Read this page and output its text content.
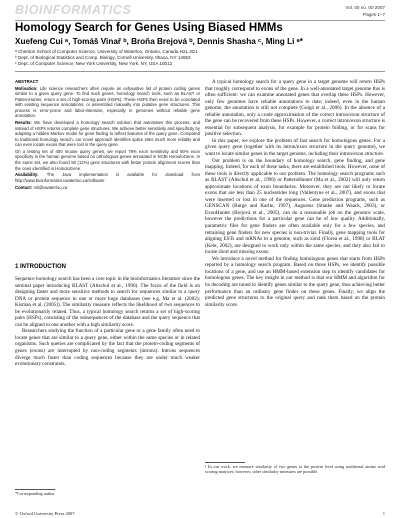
BIOINFORMATICS	Vol. 00 no. 00 2007
Pages 1–7
Homology Search for Genes Using Biased HMMs
Xuefeng Cui ᵃ, Tomáš Vinař ᵇ, Broňa Brejová ᵇ, Dennis Shasha ᶜ, Ming Li ᵃ*
ᵃ Cheriton School of Computer Science, University of Waterloo, Ontario, Canada N2L 3G1
ᵇ Dept. of Biological Statistics and Comp. Biology, Cornell University, Ithaca, NY 14853
ᶜ Dept. of Computer Science, New York University, New York, NY, USA 10012
ABSTRACT

Motivation: Life science researchers often require an exhaustive list of protein coding genes similar to a given query gene. To find such genes, homology search tools, such as BLAST or PatternHunter, return a set of high-scoring pairs (HSPs). These HSPs then need to be correlated with existing sequence annotations, or assembled manually into putative gene structures. This process is error-prone and labor-intensive, especially in genomes without reliable gene annotation.

Results: We have developed a homology search solution that automates this process, and instead of HSPs returns complete gene structures. We achieve better sensitivity and specificity by adapting a hidden Markov model for gene finding to reflect features of the query gene. Compared to traditional homology search, our novel approach identifies splice sites much more reliably and can even locate exons that were lost in the query gene.

On a testing set of 400 mouse query genes, we report 79% exon sensitivity and 80% exon specificity in the human genome based on orthologous genes annotated in NCBI HomoloGene. In the same set, we also found 50 (12%) gene structures with better protein alignment scores than the ones identified in HomoloGene.

Availability: The Java implementation is available for download from http://www.bioinformatics.uwaterloo.ca/software

Contact: mli@uwaterloo.ca

1 INTRODUCTION

Sequence homology search has been a core topic in the bioinformatics literature since the seminal paper introducing BLAST (Altschul et al., 1990). The focus of the field is on designing faster and more sensitive methods to search for sequences similar to a query DNA or protein sequence in one or more huge databases (see e.g. Ma et al. (2002); Kisman et al. (2005)). The similarity measure reflects the likelihood of two sequences to be evolutionarily related. Thus, a typical homology search returns a set of high-scoring pairs (HSPs), consisting of the subsequences of the database and the query sequence that can be aligned to one another with a high similarity score.

Researchers studying the function of a particular gene or a gene family often need to locate genes that are similar to a query gene, either within the same species or in related organisms. Such queries are complicated by the fact that the protein-coding segments of genes (exons) are interrupted by non-coding segments (introns). Introns sequences diverge much faster than coding sequences because they are under much weaker evolutionary constraints.

A typical homology search for a query gene in a target genome will return HSPs that roughly correspond to exons of the gene. In a well-annotated target genome this is often sufficient: we can examine annotated genes that overlap these HSPs. However, only few genomes have reliable annotations to date; indeed, even in the human genome, the annotation is still not complete (Guigó et al., 2006). In the absence of a reliable annotation, only a crude approximation of the correct intron/exon structure of the gene can be recovered from these HSPs. However, a correct intron/exon structure is essential for subsequent analysis, for example for protein folding, or for scans for positive selection.

In this paper, we explore the problem of fast search for homologous genes. For a given query gene (together with its intron/exon structure in the query genome), we want to locate similar genes in the target genome, including their intron/exon structure.

Our problem is on the boundary of homology search, gene finding, and gene mapping. Indeed, for each of these tasks, there are established tools. However, none of these tools is directly applicable to our problem. The homology search programs such as BLAST (Altschul et al., 1990) or PatternHunter (Ma et al., 2002) will only return approximate locations of exon boundaries. Moreover, they are not likely to locate exons that are less than 25 nucleotides long (Vallentyne et al., 2007), and exons that were inserted or lost in one of the sequences. Gene prediction programs, such as GENSCAN (Burge and Karlin, 1997), Augustus (Stanke and Waack, 2003), or ExonHunter (Brejová et al., 2005), can do a reasonable job on the genomic scale, however the predictions for a particular gene can be of low quality. Additionally, parametric files for gene finders are often available only for a few species, and retraining gene finders for new species is non-trivial. Finally, gene mapping tools for aligning ESTs and mRNAs to a genome, such as sim4 (Florea et al., 1998) or BLAT (Kent, 2002), are designed to work only within the same species, and they also fail to locate short and missing exons.

We introduce a novel method for finding homologous genes that starts from HSPs reported by a homology search program. Based on those HSPs, we identify possible locations of a gene, and use an HMM-based extension step to identify candidates for homologous genes. The key insight in our method is that our HMM and algorithm for its decoding are tuned to identify genes similar to the query gene, thus achieving better performance than an ordinary gene finder on these genes. Finally, we align the predicted gene structures to the original query and rank them based on the protein similarity score.

*Corresponding author
¹ In our work, we measure similarity of two genes at the protein level using traditional amino acid scoring matrices; however, other similarity measures are possible.
© Oxford University Press 2007	1
